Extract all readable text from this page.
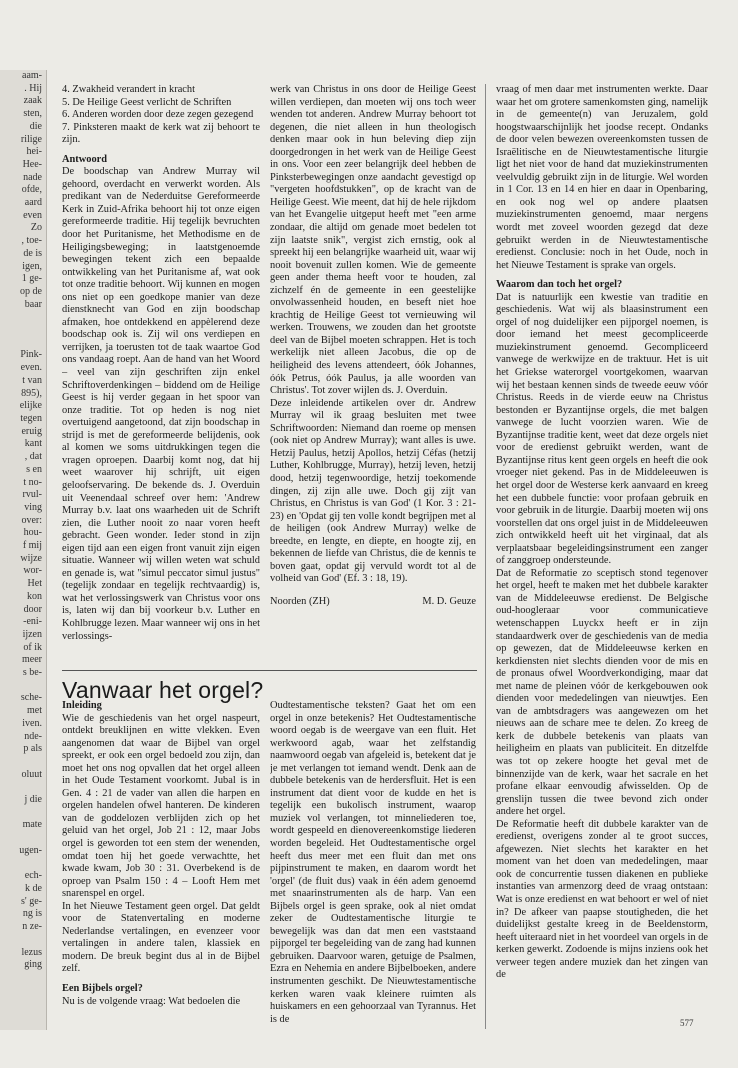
aam-
. Hij
zaak
sten,
die
rilige
hei-
Hee-
nade
ofde,
aard
even
Zo
, toe-
de is
igen,
1 ge-
op de
baar

Pink-
even.
t van
895),
elijke
tegen
eruig
kant
, dat
s en
t no-
rvul-
ving
over:
hou-
f mij
wijze
wor-
Het
kon
door
-eni-
ijzen
of ik
meer
s be-

sche-
met
iven.
nde-
p als

oluut

j die

mate

ugen-

ech-
k de
s' ge-
ng is
n ze-

lezus
ging

4. Zwakheid verandert in kracht

5. De Heilige Geest verlicht de Schriften

6. Anderen worden door deze zegen gezegend

7. Pinksteren maakt de kerk wat zij behoort te zijn.

Antwoord

De boodschap van Andrew Murray wil gehoord, overdacht en verwerkt worden. Als predikant van de Nederduitse Gereformeerde Kerk in Zuid-Afrika behoort hij tot onze eigen gereformeerde traditie. Hij tegelijk bevruchten door het Puritanisme, het Methodisme en de Heiligingsbeweging; in laatstgenoemde bewegingen tekent zich een bepaalde ontwikkeling van het Puritanisme af, wat ook tot onze traditie behoort. Wij kunnen en mogen ons niet op een goedkope manier van deze dienstknecht van God en zijn boodschap afmaken, hoe ontdekkend en appèlerend deze boodschap ook is. Zij wil ons verdiepen en verrijken, ja toerusten tot de taak waartoe God ons vandaag roept. Aan de hand van het Woord – veel van zijn geschriften zijn enkel Schriftoverdenkingen – biddend om de Heilige Geest is hij verder gegaan in het spoor van onze traditie. Tot op heden is nog niet overtuigend aangetoond, dat zijn boodschap in strijd is met de gereformeerde belijdenis, ook al komen we soms uitdrukkingen tegen die vragen oproepen. Daarbij komt nog, dat hij weet waarover hij schrijft, uit eigen geloofservaring. De bekende ds. J. Overduin uit Veenendaal schreef over hem: 'Andrew Murray b.v. laat ons waarheden uit de Schrift zien, die Luther nooit zo naar voren heeft gebracht. Geen wonder. Ieder stond in zijn eigen tijd aan een eigen front vanuit zijn eigen situatie. Wanneer wij willen weten wat schuld en genade is, wat "simul peccator simul justus" (tegelijk zondaar en tegelijk rechtvaardig) is, wat het verlossingswerk van Christus voor ons is, laten wij dan bij voorkeur b.v. Luther en Kohlbrugge lezen. Maar wanneer wij ons in het verlossings-

werk van Christus in ons door de Heilige Geest willen verdiepen, dan moeten wij ons toch weer wenden tot anderen. Andrew Murray behoort tot degenen, die niet alleen in hun theologisch denken maar ook in hun beleving diep zijn doorgedrongen in het werk van de Heilige Geest in ons. Voor een zeer belangrijk deel hebben de Pinksterbewegingen onze aandacht gevestigd op "vergeten hoofdstukken", op de kracht van de Heilige Geest. Wie meent, dat hij de hele rijkdom van het Evangelie uitgeput heeft met "een arme zondaar, die altijd om genade moet bedelen tot zijn laatste snik", vergist zich ernstig, ook al spreekt hij een belangrijke waarheid uit, waar wij nooit bovenuit zullen komen. Wie de gemeente geen ander thema heeft voor te houden, zal zichzelf én de gemeente in een geestelijke onvolwassenheid houden, en beseft niet hoe krachtig de Heilige Geest tot vernieuwing wil werken. Trouwens, we zouden dan het grootste deel van de Bijbel moeten schrappen. Het is toch werkelijk niet alleen Jacobus, die op de heiligheid des levens attendeert, óók Johannes, óók Petrus, óók Paulus, ja alle woorden van Christus'. Tot zover wijlen ds. J. Overduin.

Deze inleidende artikelen over dr. Andrew Murray wil ik graag besluiten met twee Schriftwoorden: Niemand dan roeme op mensen (ook niet op Andrew Murray); want alles is uwe. Hetzij Paulus, hetzij Apollos, hetzij Céfas (hetzij Luther, Kohlbrugge, Murray), hetzij leven, hetzij dood, hetzij tegenwoordige, hetzij toekomende dingen, zij zijn alle uwe. Doch gij zijt van Christus, en Christus is van God' (1 Kor. 3 : 21-23) en 'Opdat gij ten volle kondt begrijpen met al de heiligen (ook Andrew Murray) welke de breedte, en lengte, en diepte, en hoogte zij, en bekennen de liefde van Christus, die de kennis te boven gaat, opdat gij vervuld wordt tot al de volheid van God' (Ef. 3 : 18, 19).

Noorden (ZH)	M. D. Geuze
Vanwaar het orgel?

Inleiding

Wie de geschiedenis van het orgel naspeurt, ontdekt breuklijnen en witte vlekken. Even aangenomen dat waar de Bijbel van orgel spreekt, er ook een orgel bedoeld zou zijn, dan moet het ons nog opvallen dat het orgel alleen in het Oude Testament voorkomt. Jubal is in Gen. 4 : 21 de vader van allen die harpen en orgelen handelen ofwel hanteren. De kinderen van de goddelozen verblijden zich op het geluid van het orgel, Job 21 : 12, maar Jobs orgel is geworden tot een stem der wenenden, omdat toen hij het goede verwachtte, het kwade kwam, Job 30 : 31. Overbekend is de oproep van Psalm 150 : 4 – Looft Hem met snarenspel en orgel.

In het Nieuwe Testament geen orgel. Dat geldt voor de Statenvertaling en moderne Nederlandse vertalingen, en evenzeer voor vertalingen in andere talen, klassiek en modern. De breuk begint dus al in de Bijbel zelf.

Een Bijbels orgel?

Nu is de volgende vraag: Wat bedoelen die

Oudtestamentische teksten? Gaat het om een orgel in onze betekenis? Het Oudtestamentische woord oegab is de weergave van een fluit. Het werkwoord agab, waar het zelfstandig naamwoord oegab van afgeleid is, betekent dat je je met verlangen tot iemand wendt. Denk aan de dubbele betekenis van de herdersfluit. Het is een instrument dat dient voor de kudde en het is tegelijk een bukolisch instrument, waarop muziek vol verlangen, tot minneliederen toe, wordt gespeeld en dienovereenkomstige liederen worden begeleid. Het Oudtestamentische orgel heeft dus meer met een fluit dan met ons pijpinstrument te maken, en daarom wordt het 'orgel' (de fluit dus) vaak in één adem genoemd met snaarinstrumenten als de harp. Van een Bijbels orgel is geen sprake, ook al niet omdat zeker de Oudtestamentische liturgie te bewegelijk was dan dat men een vaststaand pijporgel ter begeleiding van de zang had kunnen gebruiken. Daarvoor waren, getuige de Psalmen, Ezra en Nehemia en andere Bijbelboeken, andere instrumenten geschikt. De Nieuwtestamentische kerken waren vaak kleinere ruimten als huiskamers en een gehoorzaal van Tyrannus. Het is de

vraag of men daar met instrumenten werkte. Daar waar het om grotere samenkomsten ging, namelijk in de gemeente(n) van Jeruzalem, gold hoogstwaarschijnlijk het joodse recept. Ondanks de door velen bewezen overeenkomsten tussen de Israëlitische en de Nieuwtestamentische liturgie ligt het niet voor de hand dat muziekinstrumenten veelvuldig gebruikt zijn in de liturgie. Wel worden in 1 Cor. 13 en 14 en hier en daar in Openbaring, en ook nog wel op andere plaatsen muziekinstrumenten genoemd, maar nergens wordt met zoveel woorden gezegd dat deze gebruikt werden in de Nieuwtestamentische eredienst. Conclusie: noch in het Oude, noch in het Nieuwe Testament is sprake van orgels.

Waarom dan toch het orgel?

Dat is natuurlijk een kwestie van traditie en geschiedenis. Wat wij als blaasinstrument een orgel of nog duidelijker een pijporgel noemen, is door iemand het meest gecompliceerde muziekinstrument genoemd. Gecompliceerd vanwege de werkwijze en de traktuur. Het is uit het Griekse waterorgel voortgekomen, waarvan wij het bestaan kennen sinds de tweede eeuw vóór Christus. Reeds in de vierde eeuw na Christus bestonden er Byzantijnse orgels, die met balgen vanwege de lucht voorzien waren. Wie de Byzantijnse traditie kent, weet dat deze orgels niet voor de eredienst gebruikt werden, want de Byzantijnse ritus kent geen orgels en heeft die ook vroeger niet gekend. Pas in de Middeleeuwen is het orgel door de Westerse kerk aanvaard en kreeg het een dubbele functie: voor profaan gebruik en voor gebruik in de liturgie. Daarbij moeten wij ons voorstellen dat ons orgel juist in de Middeleeuwen zich ontwikkeld heeft uit het virginaal, dat als verplaatsbaar begeleidingsinstrument een zanger of zanggroep ondersteunde.

Dat de Reformatie zo sceptisch stond tegenover het orgel, heeft te maken met het dubbele karakter van de Middeleeuwse eredienst. De Belgische oud-hoogleraar voor communicatieve wetenschappen Luyckx heeft er in zijn standaardwerk over de geschiedenis van de media op gewezen, dat de Middeleeuwse kerken en kerkdiensten niet slechts dienden voor de mis en de pronaus ofwel Woordverkondiging, maar dat met name de pleinen vóór de kerkgebouwen ook dienden voor mededelingen van nieuwtjes. Een van de ambtsdragers was aangewezen om het nieuws aan de schare mee te delen. Zo kreeg de kerk de dubbele betekenis van plaats van heiligheim en plaats van publiciteit. En ditzelfde was tot op zekere hoogte het geval met de binnenzijde van de kerk, waar het sacrale en het profane elkaar eenvoudig afwisselden. Op de grenslijn tussen die twee bevond zich onder andere het orgel.

De Reformatie heeft dit dubbele karakter van de eredienst, overigens zonder al te groot succes, afgewezen. Niet slechts het karakter en het moment van het doen van mededelingen, maar ook de concurrentie tussen diakenen en publieke instanties van armenzorg deed de vraag ontstaan: Wat is onze eredienst en wat behoort er wel of niet in? De afkeer van paapse stoutigheden, die het duidelijkst gestalte kreeg in de Beeldenstorm, heeft uiteraard niet in het voordeel van orgels in de kerken gewerkt. Zodoende is mijns inziens ook het verweer tegen andere muziek dan het zingen van de

577
